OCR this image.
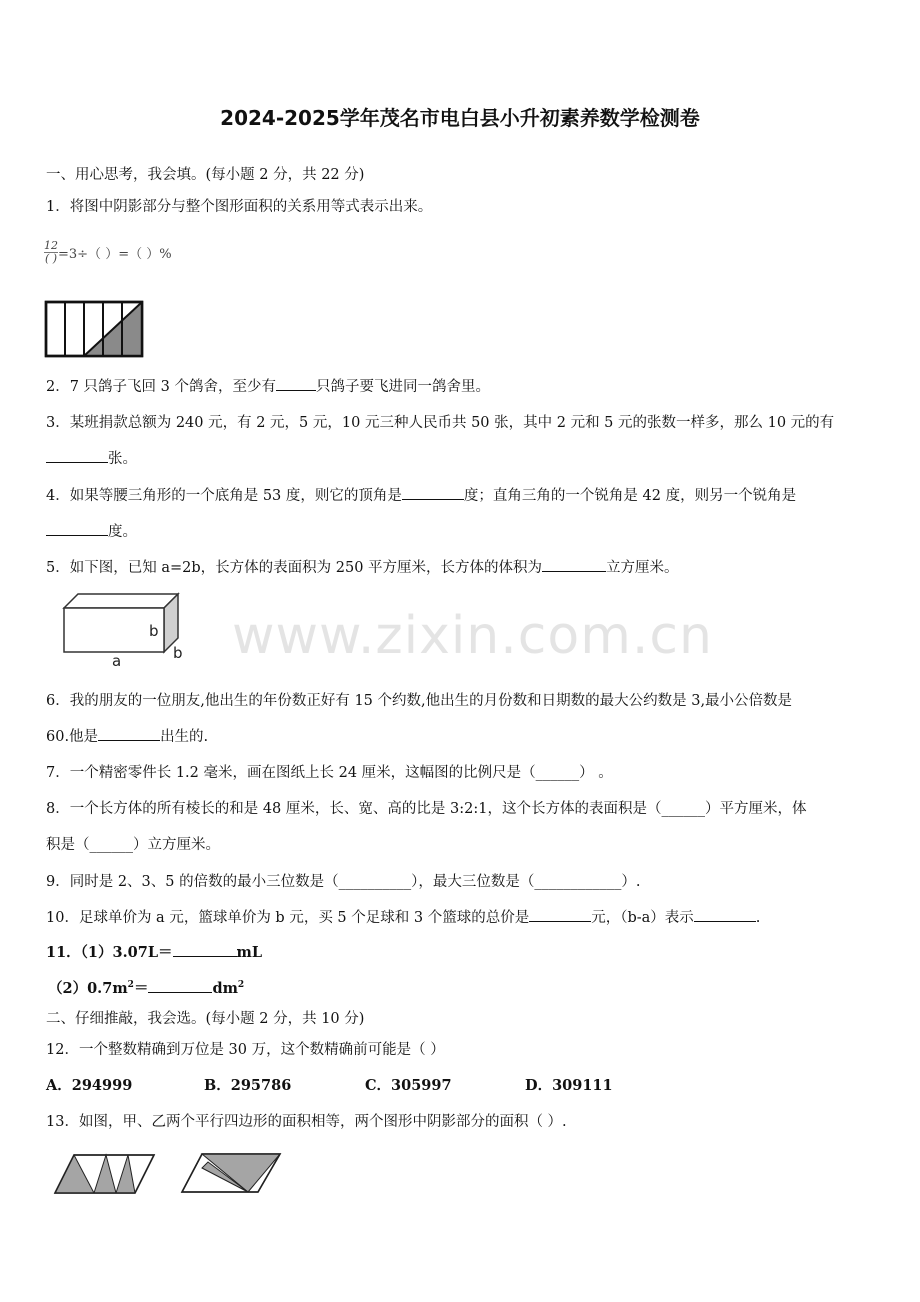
2024-2025学年茂名市电白县小升初素养数学检测卷
www.zixin.com.cn
一、用心思考，我会填。(每小题 2 分，共 22 分)
1．将图中阴影部分与整个图形面积的关系用等式表示出来。
12
( ) =3÷（ ）=（ ）%
2．7 只鸽子飞回 3 个鸽舍，至少有	只鸽子要飞进同一鸽舍里。
3．某班捐款总额为 240 元，有 2 元，5 元，10 元三种人民币共 50 张，其中 2 元和 5 元的张数一样多，那么 10 元的有
张。
4．如果等腰三角形的一个底角是 53 度，则它的顶角是	度；直角三角的一个锐角是 42 度，则另一个锐角是
度。
5．如下图，已知 a=2b，长方体的表面积为 250 平方厘米，长方体的体积为	立方厘米。
b
a	b
6．我的朋友的一位朋友,他出生的年份数正好有 15 个约数,他出生的月份数和日期数的最大公约数是 3,最小公倍数是
60.他是	出生的.
7．一个精密零件长 1.2 毫米，画在图纸上长 24 厘米，这幅图的比例尺是（______） 。
8．一个长方体的所有棱长的和是 48 厘米，长、宽、高的比是 3:2:1，这个长方体的表面积是（______）平方厘米，体
积是（______）立方厘米。
9．同时是 2、3、5 的倍数的最小三位数是（__________），最大三位数是（____________）.
10．足球单价为 a 元，篮球单价为 b 元，买 5 个足球和 3 个篮球的总价是	元，（b-a）表示	.
11．（1）3.07L＝	mL
$(2)0.7m^2=$	$dm^2$
二、仔细推敲，我会选。(每小题 2 分，共 10 分)
12．一个整数精确到万位是 30 万，这个数精确前可能是（ ）
A．294999	B．295786	C．305997	D．309111
13．如图，甲、乙两个平行四边形的面积相等，两个图形中阴影部分的面积（ ）.
